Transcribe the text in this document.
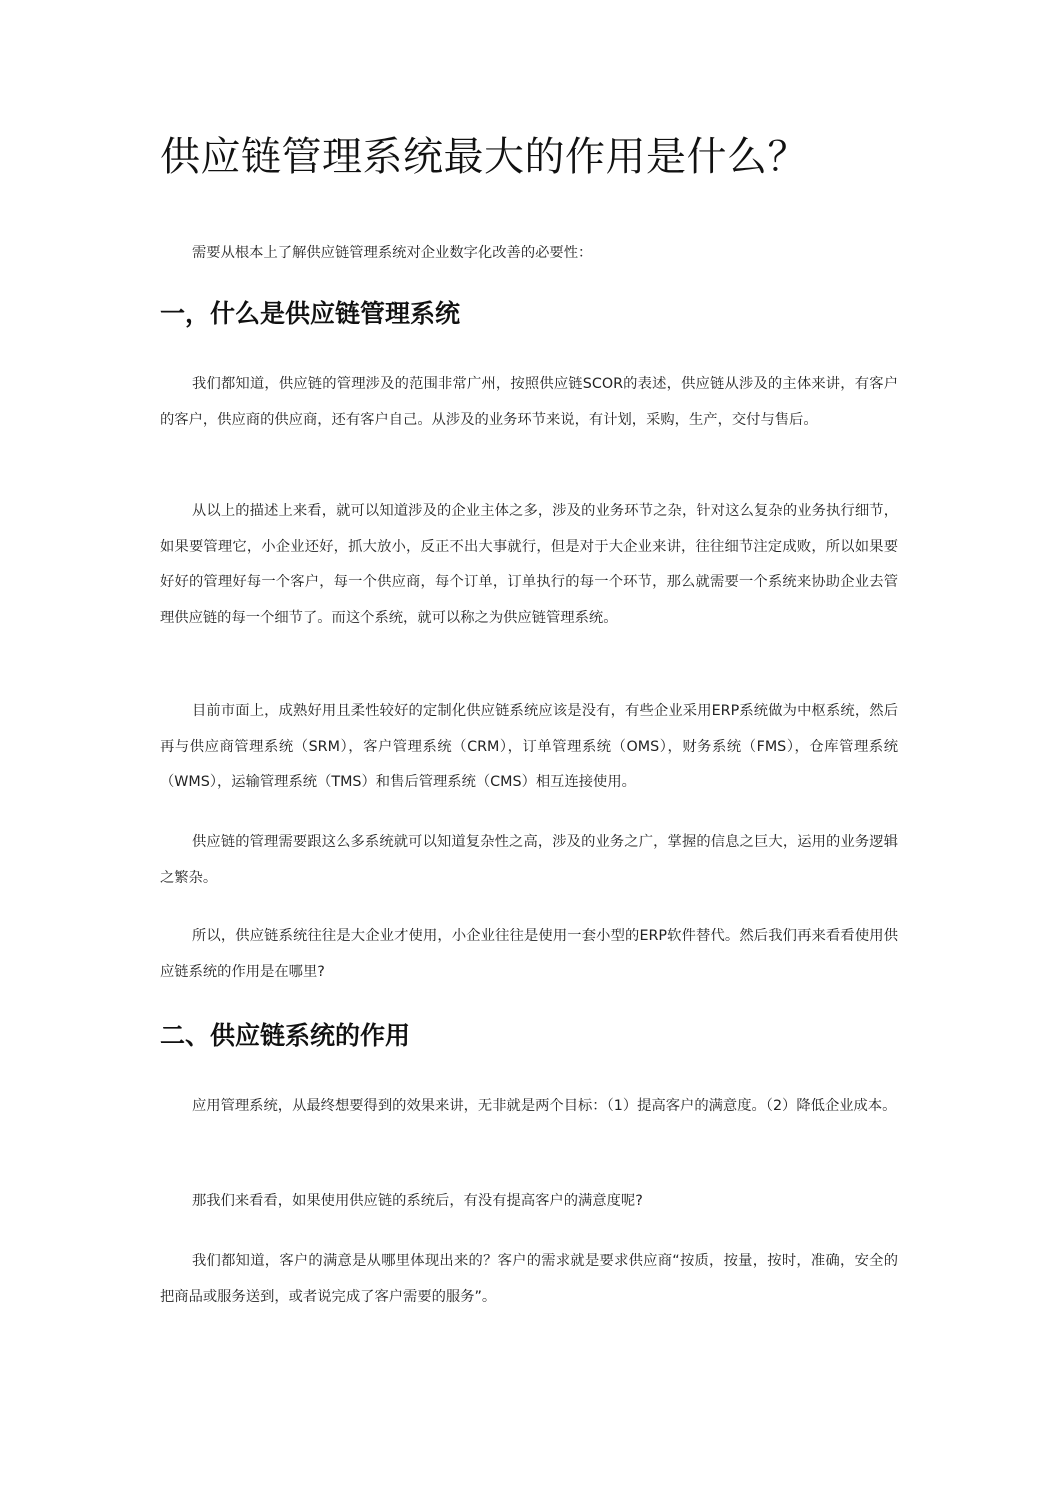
供应链管理系统最大的作用是什么？

需要从根本上了解供应链管理系统对企业数字化改善的必要性：

一，什么是供应链管理系统

我们都知道，供应链的管理涉及的范围非常广州，按照供应链SCOR的表述，供应链从涉及的主体来讲，有客户的客户，供应商的供应商，还有客户自己。从涉及的业务环节来说，有计划，采购，生产，交付与售后。

从以上的描述上来看，就可以知道涉及的企业主体之多，涉及的业务环节之杂，针对这么复杂的业务执行细节，如果要管理它，小企业还好，抓大放小，反正不出大事就行，但是对于大企业来讲，往往细节注定成败，所以如果要好好的管理好每一个客户，每一个供应商，每个订单，订单执行的每一个环节，那么就需要一个系统来协助企业去管理供应链的每一个细节了。而这个系统，就可以称之为供应链管理系统。

目前市面上，成熟好用且柔性较好的定制化供应链系统应该是没有，有些企业采用ERP系统做为中枢系统，然后再与供应商管理系统（SRM），客户管理系统（CRM），订单管理系统（OMS），财务系统（FMS），仓库管理系统（WMS），运输管理系统（TMS）和售后管理系统（CMS）相互连接使用。

供应链的管理需要跟这么多系统就可以知道复杂性之高，涉及的业务之广，掌握的信息之巨大，运用的业务逻辑之繁杂。

所以，供应链系统往往是大企业才使用，小企业往往是使用一套小型的ERP软件替代。然后我们再来看看使用供应链系统的作用是在哪里?

二、供应链系统的作用

应用管理系统，从最终想要得到的效果来讲，无非就是两个目标：（1）提高客户的满意度。（2）降低企业成本。

那我们来看看，如果使用供应链的系统后，有没有提高客户的满意度呢?

我们都知道，客户的满意是从哪里体现出来的？客户的需求就是要求供应商“按质，按量，按时，准确，安全的把商品或服务送到，或者说完成了客户需要的服务”。
